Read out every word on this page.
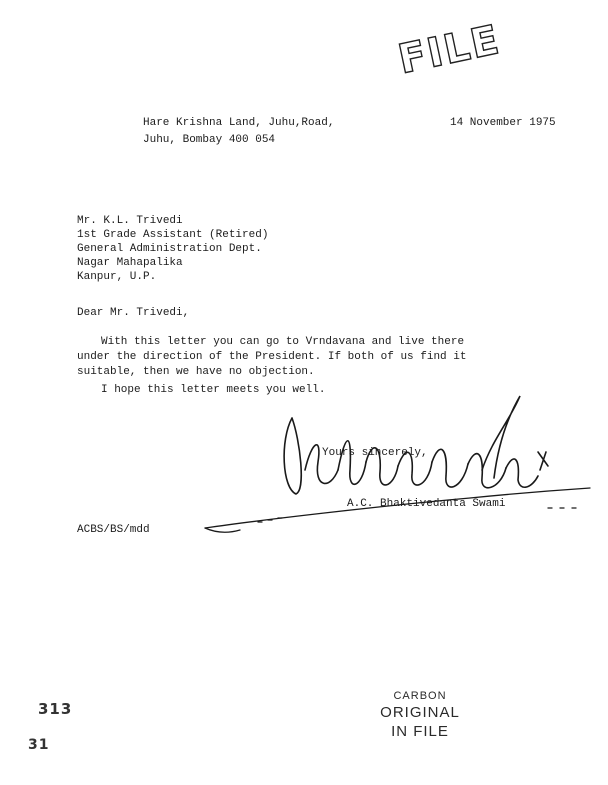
FILE
Hare Krishna Land, Juhu,Road,
Juhu, Bombay 400 054
14 November 1975
Mr. K.L. Trivedi
1st Grade Assistant (Retired)
General Administration Dept.
Nagar Mahapalika
Kanpur, U.P.
Dear Mr. Trivedi,
With this letter you can go to Vrndavana and live there under the direction of the President. If both of us find it suitable, then we have no objection.
I hope this letter meets you well.
Yours sincerely,
A.C. Bhaktivedanta Swami
ACBS/BS/mdd
CARBON
ORIGINAL
IN FILE
313
31
